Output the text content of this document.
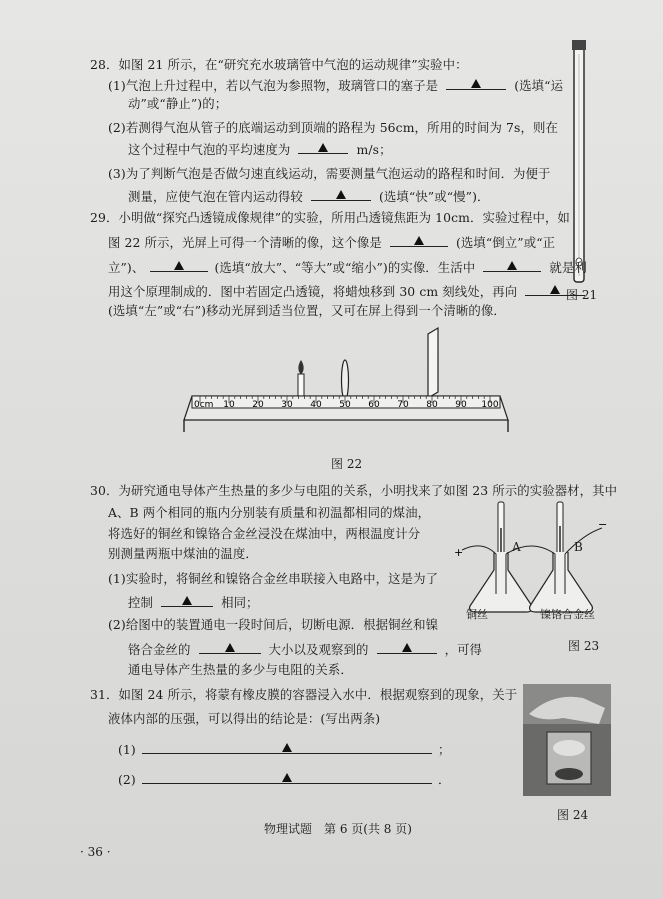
28．如图 21 所示，在“研究充水玻璃管中气泡的运动规律”实验中：
(1)气泡上升过程中，若以气泡为参照物，玻璃管口的塞子是	(选填“运
动”或“静止”)的；
(2)若测得气泡从管子的底端运动到顶端的路程为 56cm，所用的时间为 7s，则在
这个过程中气泡的平均速度为	m/s；
(3)为了判断气泡是否做匀速直线运动，需要测量气泡运动的路程和时间．为便于
测量，应使气泡在管内运动得较	(选填“快”或“慢”)．
图 21
29．小明做“探究凸透镜成像规律”的实验，所用凸透镜焦距为 10cm．实验过程中，如
图 22 所示，光屏上可得一个清晰的像，这个像是	(选填“倒立”或“正
立”)、	(选填“放大”、“等大”或“缩小”)的实像．生活中	就是利
用这个原理制成的．图中若固定凸透镜，将蜡烛移到 30 cm 刻线处，再向
(选填“左”或“右”)移动光屏到适当位置，又可在屏上得到一个清晰的像．
0cm 10 20 30 40 50 60 70 80 90 100
图 22
30．为研究通电导体产生热量的多少与电阻的关系，小明找来了如图 23 所示的实验器材，其中
A、B 两个相同的瓶内分别装有质量和初温都相同的煤油，
将选好的铜丝和镍铬合金丝浸没在煤油中，两根温度计分
别测量两瓶中煤油的温度．
(1)实验时，将铜丝和镍铬合金丝串联接入电路中，这是为了
控制	相同；
(2)给图中的装置通电一段时间后，切断电源．根据铜丝和镍
铬合金丝的	大小以及观察到的	，可得
通电导体产生热量的多少与电阻的关系．
+
−
A	B
铜丝	镍铬合金丝
图 23
31．如图 24 所示，将蒙有橡皮膜的容器浸入水中．根据观察到的现象，关于
液体内部的压强，可以得出的结论是：(写出两条)
(1)	；
(2)	．
图 24
物理试题　第 6 页(共 8 页)
· 36 ·
